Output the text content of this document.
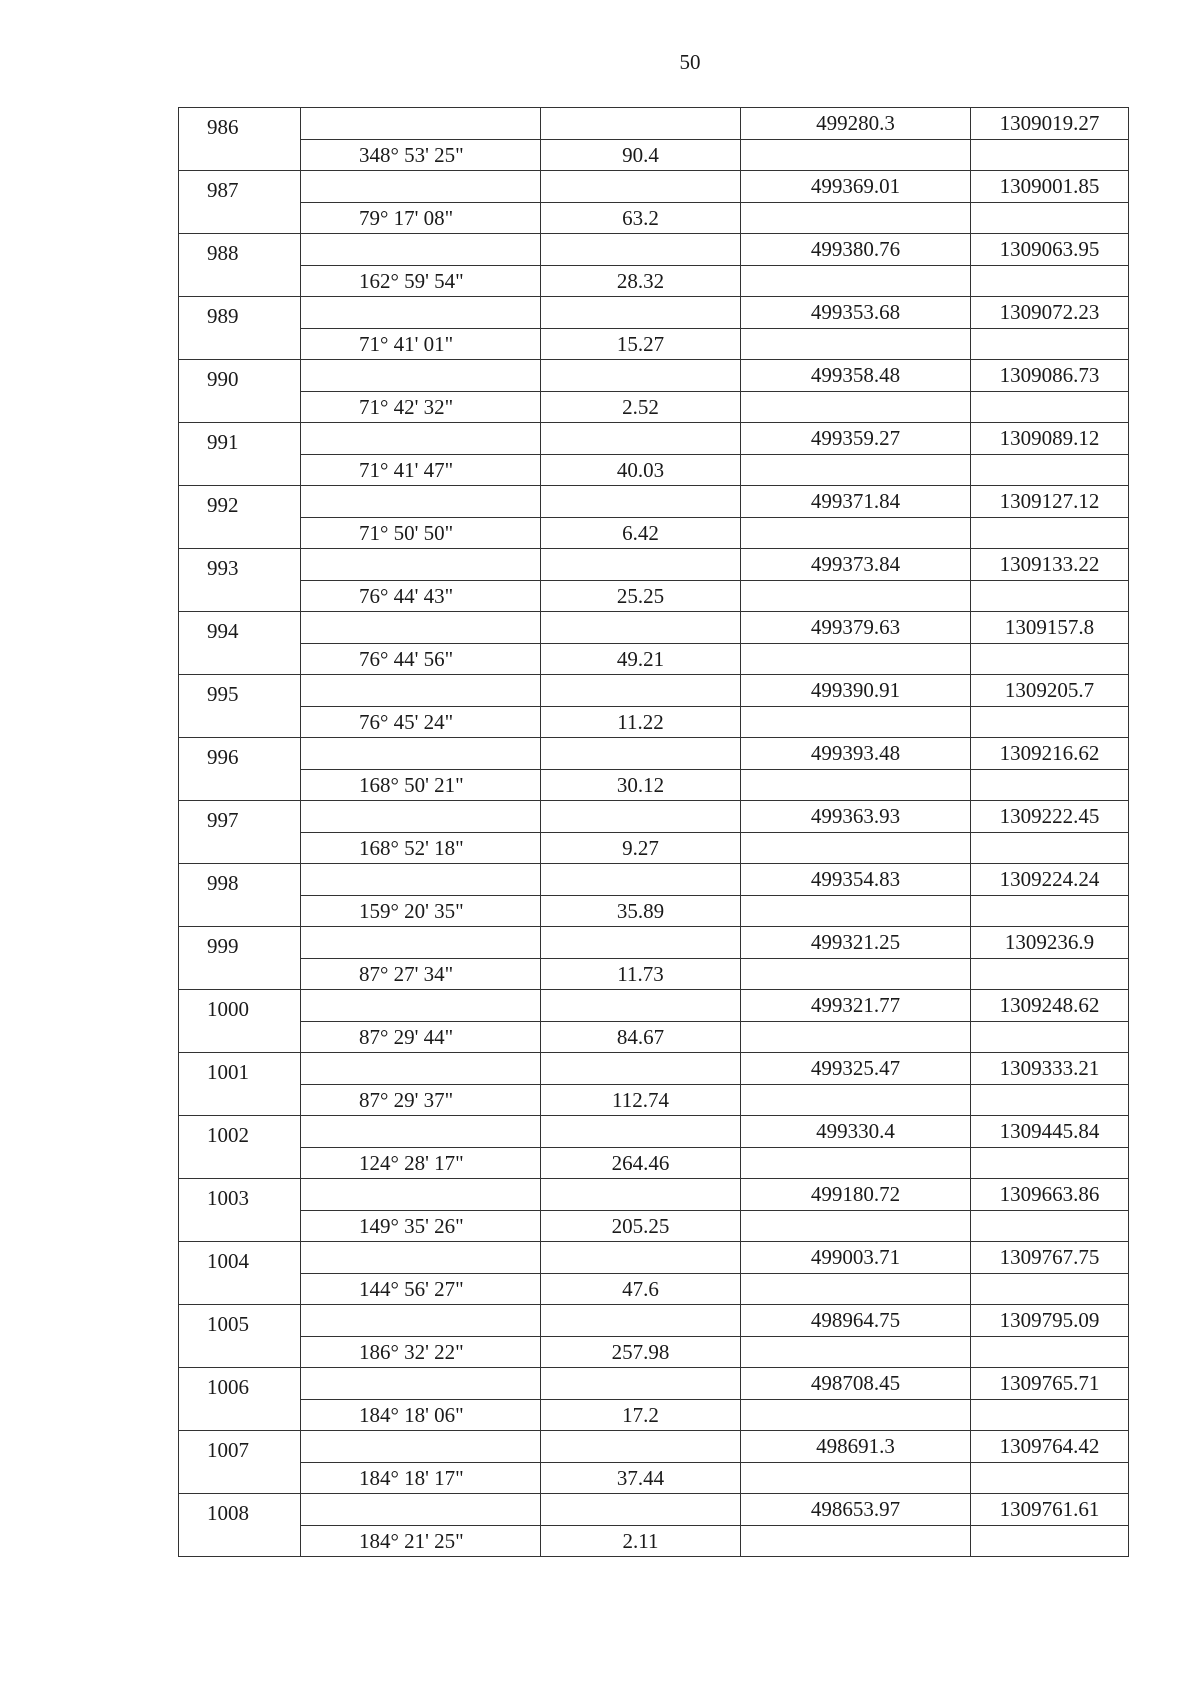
50
986			499280.3	1309019.27
	348° 53' 25"	90.4		
987			499369.01	1309001.85
	79° 17' 08"	63.2		
988			499380.76	1309063.95
	162° 59' 54"	28.32		
989			499353.68	1309072.23
	71° 41' 01"	15.27		
990			499358.48	1309086.73
	71° 42' 32"	2.52		
991			499359.27	1309089.12
	71° 41' 47"	40.03		
992			499371.84	1309127.12
	71° 50' 50"	6.42		
993			499373.84	1309133.22
	76° 44' 43"	25.25		
994			499379.63	1309157.8
	76° 44' 56"	49.21		
995			499390.91	1309205.7
	76° 45' 24"	11.22		
996			499393.48	1309216.62
	168° 50' 21"	30.12		
997			499363.93	1309222.45
	168° 52' 18"	9.27		
998			499354.83	1309224.24
	159° 20' 35"	35.89		
999			499321.25	1309236.9
	87° 27' 34"	11.73		
1000			499321.77	1309248.62
	87° 29' 44"	84.67		
1001			499325.47	1309333.21
	87° 29' 37"	112.74		
1002			499330.4	1309445.84
	124° 28' 17"	264.46		
1003			499180.72	1309663.86
	149° 35' 26"	205.25		
1004			499003.71	1309767.75
	144° 56' 27"	47.6		
1005			498964.75	1309795.09
	186° 32' 22"	257.98		
1006			498708.45	1309765.71
	184° 18' 06"	17.2		
1007			498691.3	1309764.42
	184° 18' 17"	37.44		
1008			498653.97	1309761.61
	184° 21' 25"	2.11		
